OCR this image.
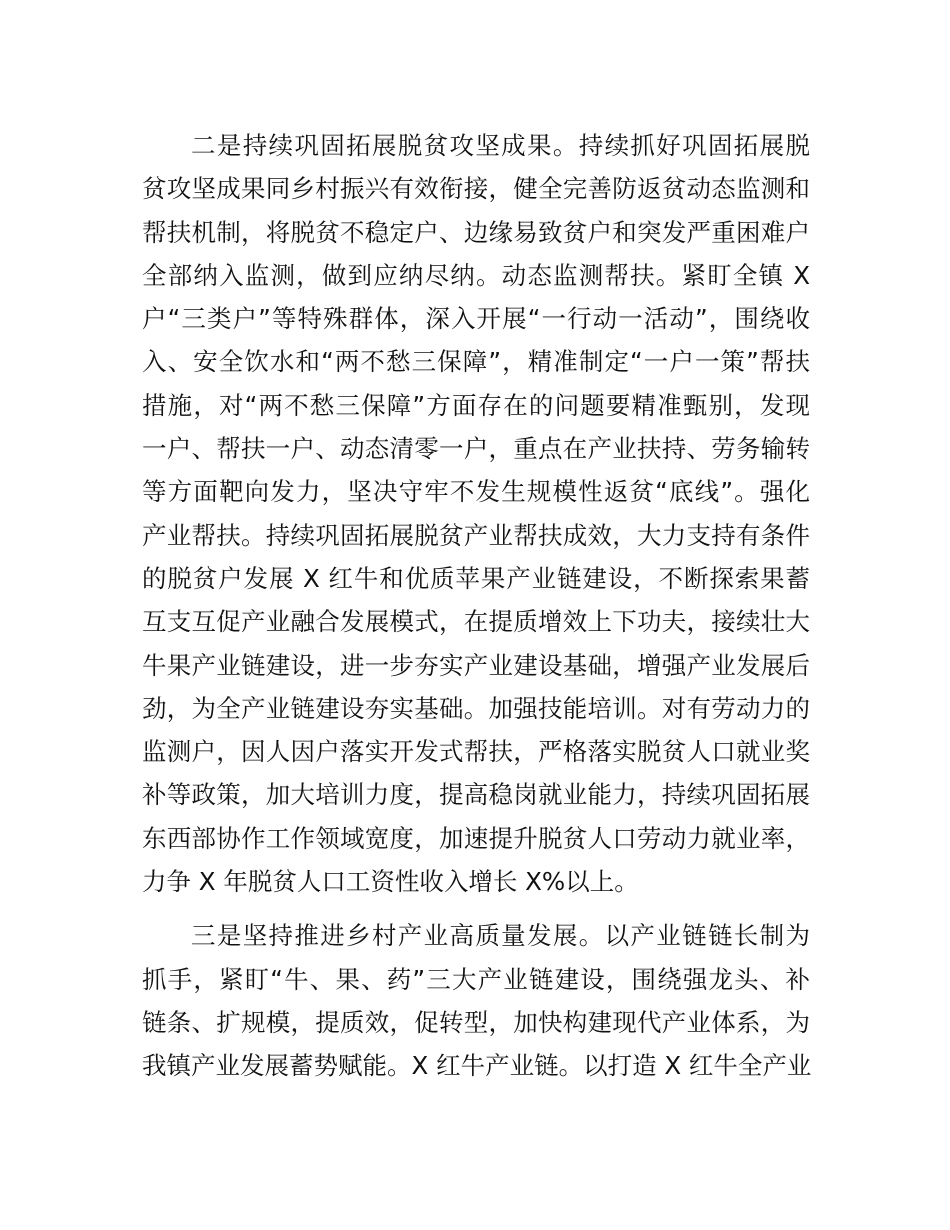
二是持续巩固拓展脱贫攻坚成果。持续抓好巩固拓展脱
贫攻坚成果同乡村振兴有效衔接，健全完善防返贫动态监测和
帮扶机制，将脱贫不稳定户、边缘易致贫户和突发严重困难户
全部纳入监测，做到应纳尽纳。动态监测帮扶。紧盯全镇 X
户“三类户”等特殊群体，深入开展“一行动一活动”，围绕收
入、安全饮水和“两不愁三保障”，精准制定“一户一策”帮扶
措施，对“两不愁三保障”方面存在的问题要精准甄别，发现
一户、帮扶一户、动态清零一户，重点在产业扶持、劳务输转
等方面靶向发力，坚决守牢不发生规模性返贫“底线”。强化
产业帮扶。持续巩固拓展脱贫产业帮扶成效，大力支持有条件
的脱贫户发展 X 红牛和优质苹果产业链建设，不断探索果蓄
互支互促产业融合发展模式，在提质增效上下功夫，接续壮大
牛果产业链建设，进一步夯实产业建设基础，增强产业发展后
劲，为全产业链建设夯实基础。加强技能培训。对有劳动力的
监测户，因人因户落实开发式帮扶，严格落实脱贫人口就业奖
补等政策，加大培训力度，提高稳岗就业能力，持续巩固拓展
东西部协作工作领域宽度，加速提升脱贫人口劳动力就业率，
力争 X 年脱贫人口工资性收入增长 X%以上。
三是坚持推进乡村产业高质量发展。以产业链链长制为
抓手，紧盯“牛、果、药”三大产业链建设，围绕强龙头、补
链条、扩规模，提质效，促转型，加快构建现代产业体系，为
我镇产业发展蓄势赋能。X 红牛产业链。以打造 X 红牛全产业
